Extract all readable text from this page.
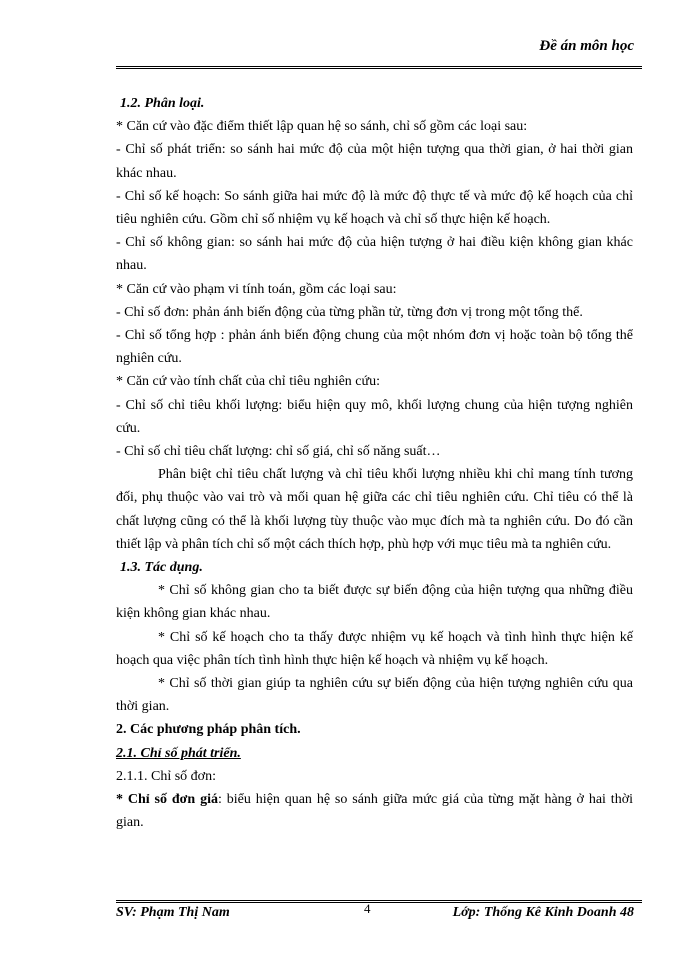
Đề án môn học

1.2. Phân loại.

* Căn cứ vào đặc điểm thiết lập quan hệ so sánh, chỉ số gồm các loại sau:

- Chỉ số phát triển: so sánh hai mức độ của một hiện tượng qua thời gian, ở hai thời gian khác nhau.

- Chỉ số kế hoạch: So sánh giữa hai mức độ là mức độ thực tế và mức độ kế hoạch của chỉ tiêu nghiên cứu. Gồm chỉ số nhiệm vụ kế hoạch và chỉ số thực hiện kế hoạch.

- Chỉ số không gian: so sánh hai mức độ của hiện tượng ở hai điều kiện không gian khác nhau.

* Căn cứ vào phạm vi tính toán, gồm các loại sau:

- Chỉ số đơn: phản ánh biến động của từng phần tử, từng đơn vị trong một tổng thể.

- Chỉ số tổng hợp : phản ánh biến động chung của một nhóm đơn vị hoặc toàn bộ tổng thể nghiên cứu.

* Căn cứ vào tính chất của chỉ tiêu nghiên cứu:

- Chỉ số chỉ tiêu khối lượng: biểu hiện quy mô, khối lượng chung của hiện tượng nghiên cứu.

- Chỉ số chỉ tiêu chất lượng: chỉ số giá, chỉ số năng suất…

Phân biệt chỉ tiêu chất lượng và chỉ tiêu khối lượng nhiều khi chỉ mang tính tương đối, phụ thuộc vào vai trò và mối quan hệ giữa các chỉ tiêu nghiên cứu. Chỉ tiêu có thể là chất lượng cũng có thể là khối lượng tùy thuộc vào mục đích mà ta nghiên cứu. Do đó cần thiết lập và phân tích chỉ số một cách thích hợp, phù hợp với mục tiêu mà ta nghiên cứu.

1.3. Tác dụng.

* Chỉ số không gian cho ta biết được sự biến động của hiện tượng qua những điều kiện không gian khác nhau.

* Chỉ số kế hoạch cho ta thấy được nhiệm vụ kế hoạch và tình hình thực hiện kế hoạch qua việc phân tích tình hình thực hiện kế hoạch và nhiệm vụ kế hoạch.

* Chỉ số thời gian giúp ta nghiên cứu sự biến động của hiện tượng nghiên cứu qua thời gian.

2. Các phương pháp phân tích.

2.1. Chỉ số phát triển.

2.1.1. Chỉ số đơn:

* Chỉ số đơn giá: biểu hiện quan hệ so sánh giữa mức giá của từng mặt hàng ở hai thời gian.

SV: Phạm Thị Nam	4	Lớp: Thống Kê Kinh Doanh 48
